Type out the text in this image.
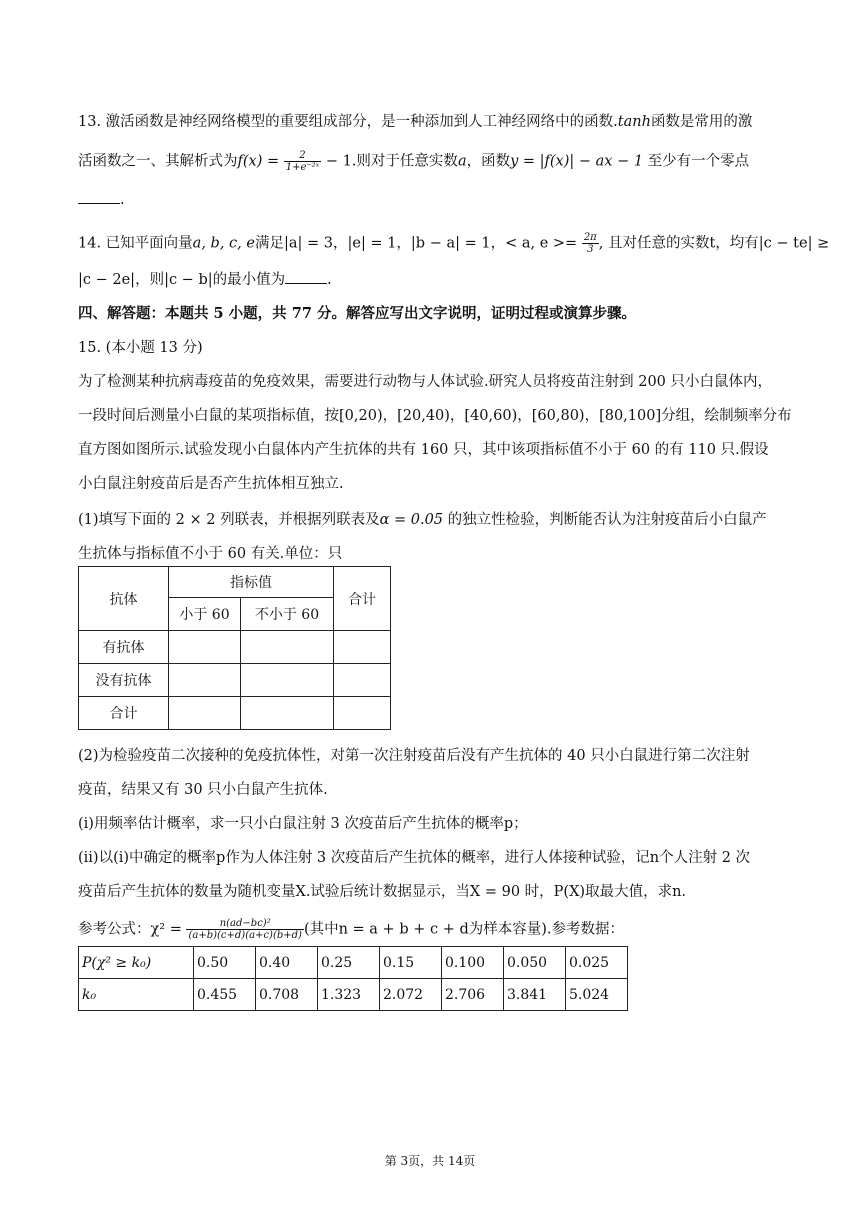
13. 激活函数是神经网络模型的重要组成部分，是一种添加到人工神经网络中的函数.tanh函数是常用的激
活函数之一、其解析式为$f(x) = \frac{2}{\text{1+e⁻²ˣ}} - 1$.则对于任意实数a，函数y = |f(x)| − ax − 1 至少有一个零点
.
14. 已知平面向量a, b, c, e满足|a| = 3，|e| = 1，|b − a| = 1，< a, $e >= \frac{2\pi}{3}$ , 且对任意的实数t，均有|c − te| ≥
|c − 2e|，则|c − b|的最小值为	.
四、解答题：本题共 5 小题，共 77 分。解答应写出文字说明，证明过程或演算步骤。
15. (本小题 13 分)
为了检测某种抗病毒疫苗的免疫效果，需要进行动物与人体试验.研究人员将疫苗注射到 200 只小白鼠体内，
一段时间后测量小白鼠的某项指标值，按[0,20)，[20,40)，[40,60)，[60,80)，[80,100]分组，绘制频率分布
直方图如图所示.试验发现小白鼠体内产生抗体的共有 160 只，其中该项指标值不小于 60 的有 110 只.假设
小白鼠注射疫苗后是否产生抗体相互独立.
(1)填写下面的 2 × 2 列联表，并根据列联表及α = 0.05 的独立性检验，判断能否认为注射疫苗后小白鼠产
生抗体与指标值不小于 60 有关.单位：只
抗体	指标值		合计
	小于 60	不小于 60	
有抗体			
没有抗体			
合计			
(2)为检验疫苗二次接种的免疫抗体性，对第一次注射疫苗后没有产生抗体的 40 只小白鼠进行第二次注射
疫苗，结果又有 30 只小白鼠产生抗体.
(i)用频率估计概率，求一只小白鼠注射 3 次疫苗后产生抗体的概率p；
(ii)以(i)中确定的概率p作为人体注射 3 次疫苗后产生抗体的概率，进行人体接种试验，记n个人注射 2 次
疫苗后产生抗体的数量为随机变量X.试验后统计数据显示，当X = 90 时，P(X)取最大值，求n.
参考公式：$\chi^2 = \frac{\text{n(ad−bc)²}}{(a+b)(c+d)(a+c)(b+d)}$ (其中n = a + b + c + d为样本容量).参考数据：
P(χ² ≥ k₀)	0.50	0.40	0.25	0.15	0.100	0.050	0.025
k₀	0.455	0.708	1.323	2.072	2.706	3.841	5.024
第 3页，共 14页
